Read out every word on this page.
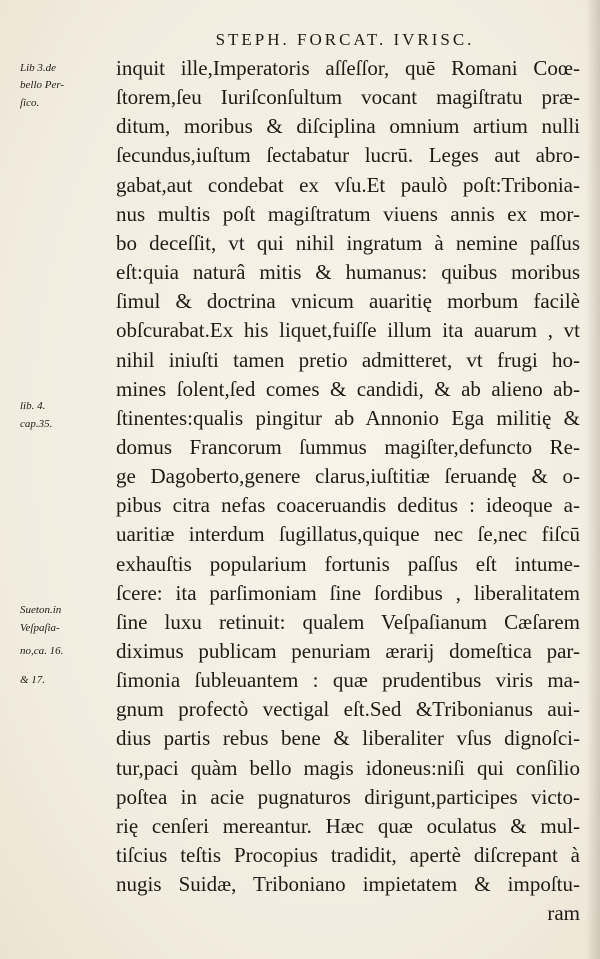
STEPH. FORCAT. IVRISC.
inquit ille,Imperatoris aſſeſſor, quē Romani Coœ-
ſtorem,ſeu Iuriſconſultum vocant magiſtratu præ-
ditum, moribus & diſciplina omnium artium nulli
ſecundus,iuſtum ſectabatur lucrū. Leges aut abro-
gabat,aut condebat ex vſu.Et paulò poſt:Tribonia-
nus multis poſt magiſtratum viuens annis ex mor-
bo deceſſit, vt qui nihil ingratum à nemine paſſus
eſt:quia naturâ mitis & humanus: quibus moribus
ſimul & doctrina vnicum auaritię morbum facilè
obſcurabat.Ex his liquet,fuiſſe illum ita auarum , vt
nihil iniuſti tamen pretio admitteret, vt frugi ho-
mines ſolent,ſed comes & candidi, & ab alieno ab-
ſtinentes:qualis pingitur ab Annonio Ega militię &
domus Francorum ſummus magiſter,defuncto Re-
ge Dagoberto,genere clarus,iuſtitiæ ſeruandę & o-
pibus citra nefas coaceruandis deditus : ideoque a-
uaritiæ interdum ſugillatus,quique nec ſe,nec fiſcū
exhauſtis popularium fortunis paſſus eſt intume-
ſcere: ita parſimoniam ſine ſordibus , liberalitatem
ſine luxu retinuit: qualem Veſpaſianum Cæſarem
diximus publicam penuriam ærarij domeſtica par-
ſimonia ſubleuantem : quæ prudentibus viris ma-
gnum profectò vectigal eſt.Sed &Tribonianus aui-
dius partis rebus bene & liberaliter vſus dignoſci-
tur,paci quàm bello magis idoneus:niſi qui conſilio
poſtea in acie pugnaturos dirigunt,participes victo-
rię cenſeri mereantur. Hæc quæ oculatus & mul-
tiſcius teſtis Procopius tradidit, apertè diſcrepant à
nugis Suidæ, Triboniano impietatem & impoſtu-
ram
Lib 3.de
bello Per-
ſico.
lib. 4.
cap.35.
Sueton.in
Veſpaſia-
no,ca. 16.
& 17.
